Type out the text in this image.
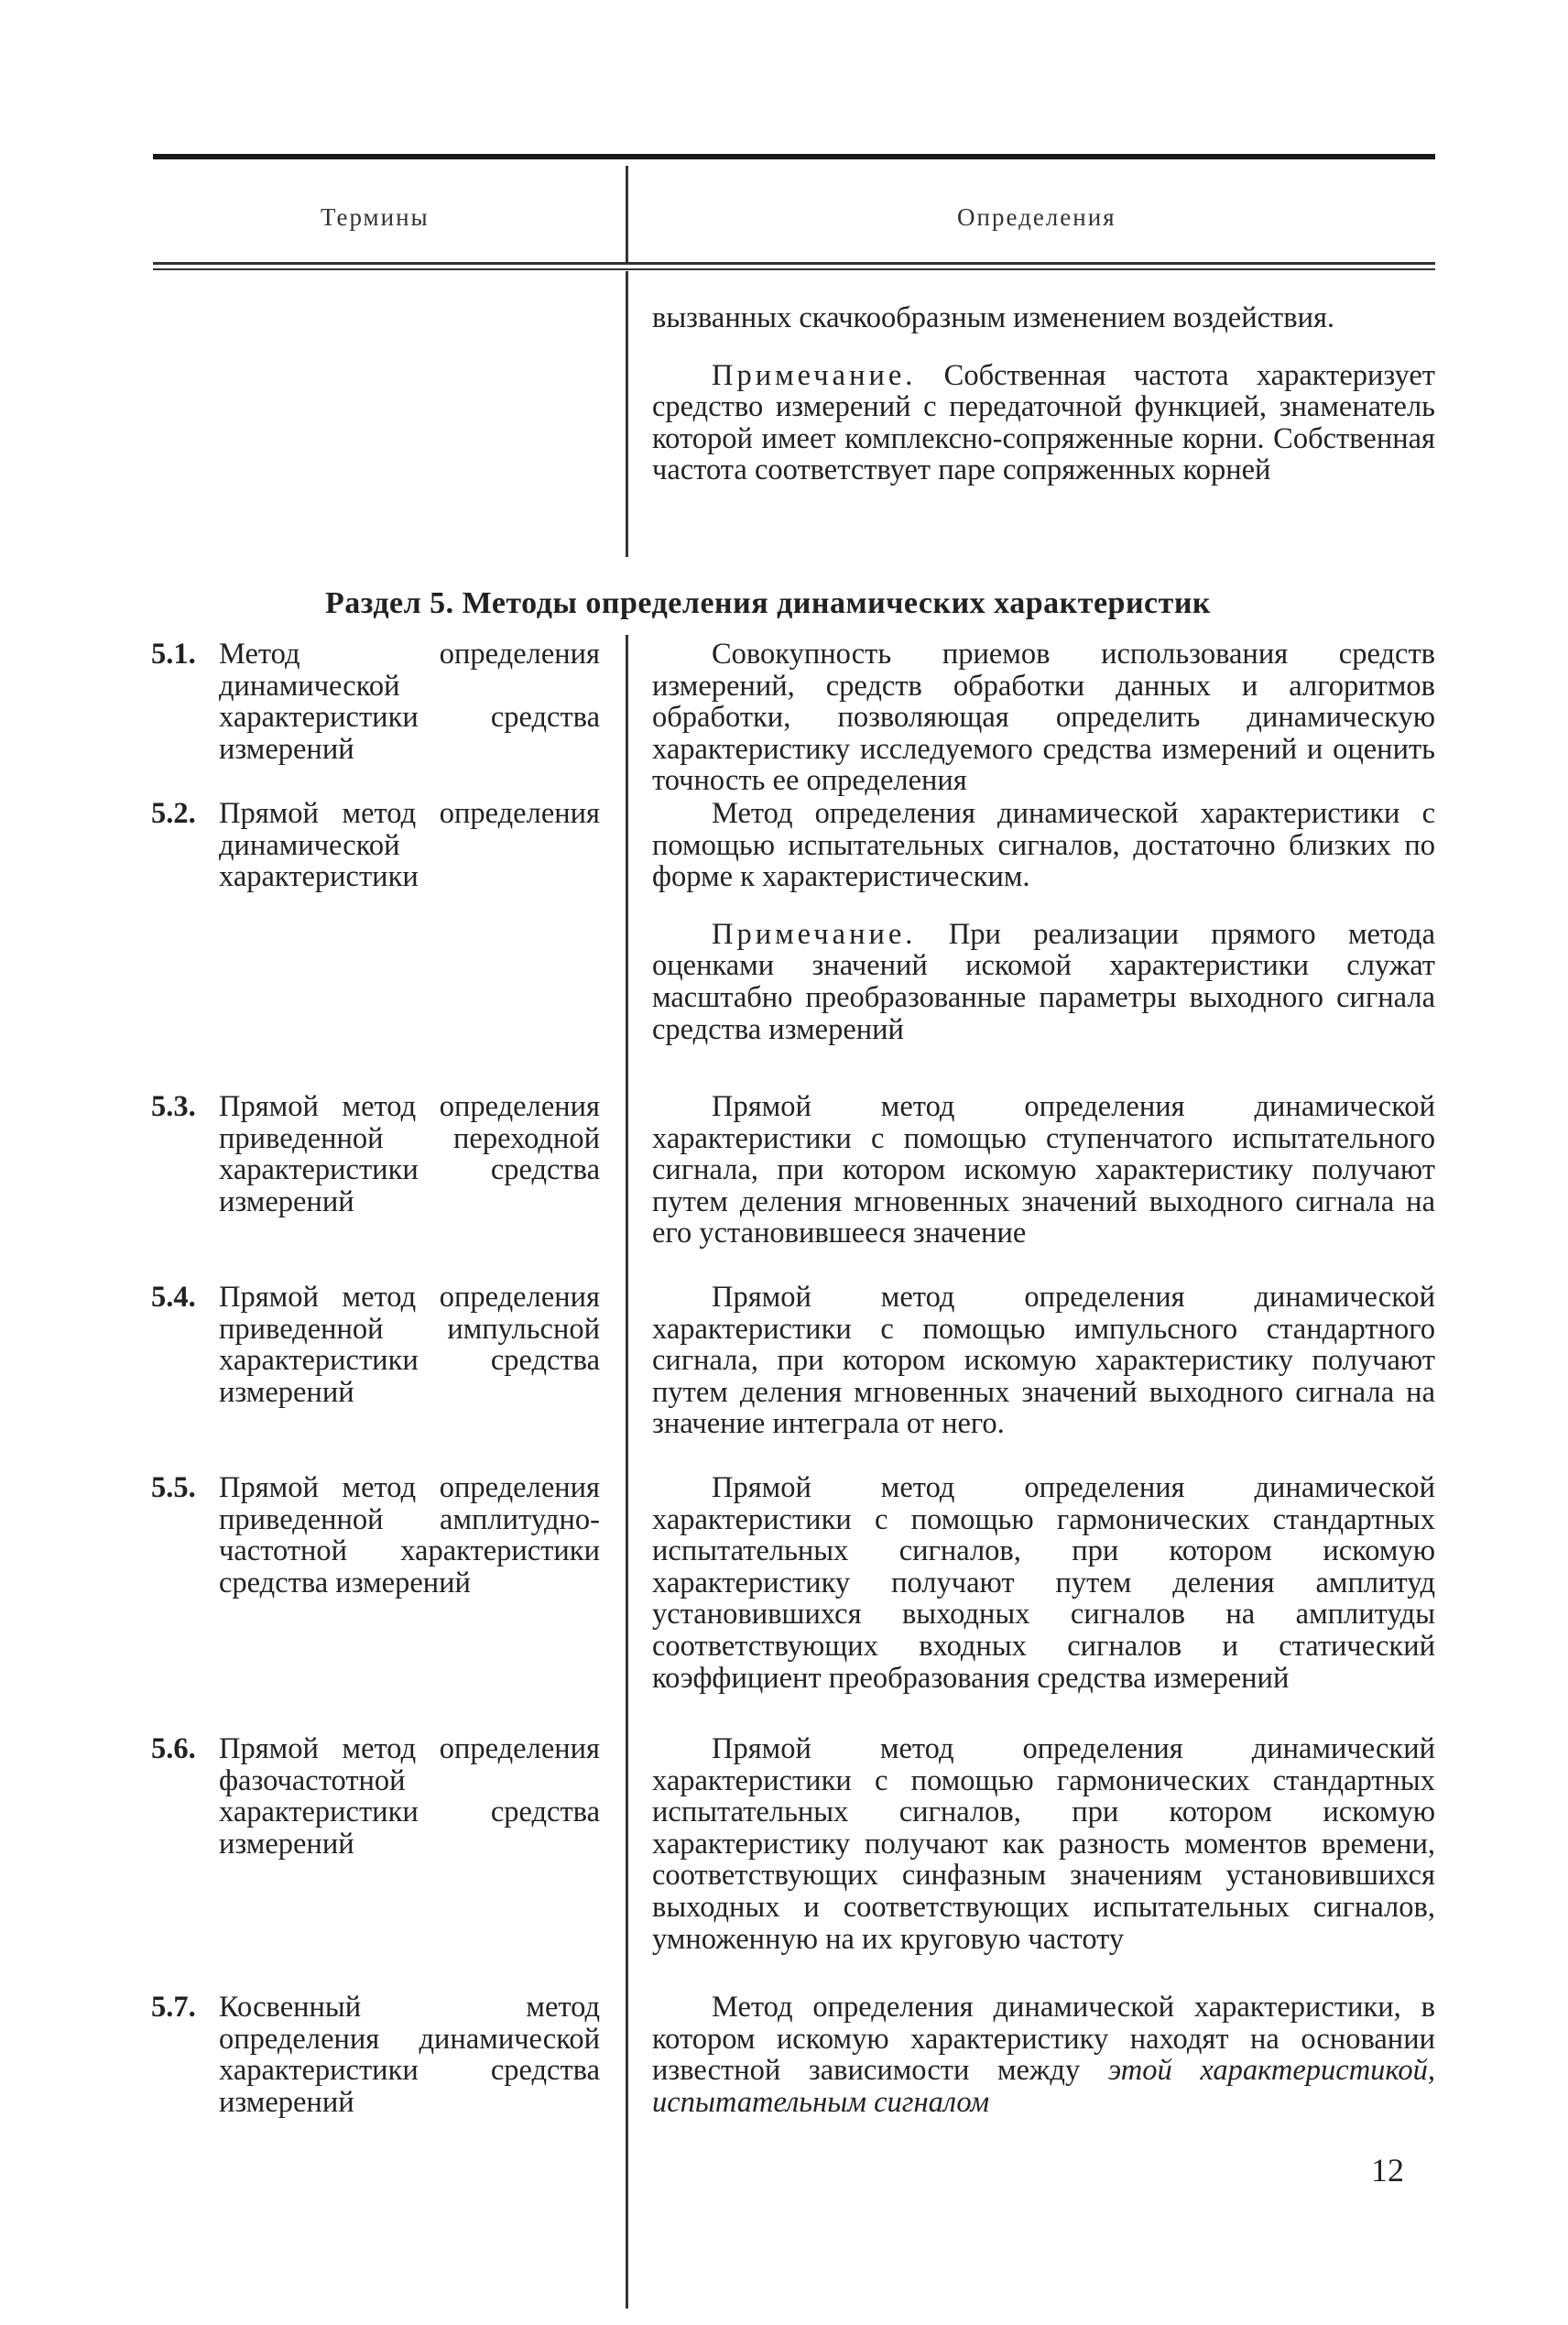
Термины	Определения

вызванных скачкообразным изменением воздействия.

Примечание. Собственная частота характеризует средство измерений с передаточной функцией, знаменатель которой имеет комплексно-сопряженные корни. Собственная частота соответствует паре сопряженных корней

Раздел 5. Методы определения динамических характеристик
5.1. Метод определения динамической характеристики средства измерений

Совокупность приемов использования средств измерений, средств обработки данных и алгоритмов обработки, позволяющая определить динамическую характеристику исследуемого средства измерений и оценить точность ее определения

5.2. Прямой метод определения динамической характеристики

Метод определения динамической характеристики с помощью испытательных сигналов, достаточно близких по форме к характеристическим.

Примечание. При реализации прямого метода оценками значений искомой характеристики служат масштабно преобразованные параметры выходного сигнала средства измерений

5.3. Прямой метод определения приведенной переходной характеристики средства измерений

Прямой метод определения динамической характеристики с помощью ступенчатого испытательного сигнала, при котором искомую характеристику получают путем деления мгновенных значений выходного сигнала на его установившееся значение

5.4. Прямой метод определения приведенной импульсной характеристики средства измерений

Прямой метод определения динамической характеристики с помощью импульсного стандартного сигнала, при котором искомую характеристику получают путем деления мгновенных значений выходного сигнала на значение интеграла от него.

5.5. Прямой метод определения приведенной амплитудно-частотной характеристики средства измерений

Прямой метод определения динамической характеристики с помощью гармонических стандартных испытательных сигналов, при котором искомую характеристику получают путем деления амплитуд установившихся выходных сигналов на амплитуды соответствующих входных сигналов и статический коэффициент преобразования средства измерений

5.6. Прямой метод определения фазочастотной характеристики средства измерений

Прямой метод определения динамический характеристики с помощью гармонических стандартных испытательных сигналов, при котором искомую характеристику получают как разность моментов времени, соответствующих синфазным значениям установившихся выходных и соответствующих испытательных сигналов, умноженную на их круговую частоту

5.7. Косвенный метод определения динамической характеристики средства измерений

Метод определения динамической характеристики, в котором искомую характеристику находят на основании известной зависимости между этой характеристикой, испытательным сигналом

12
